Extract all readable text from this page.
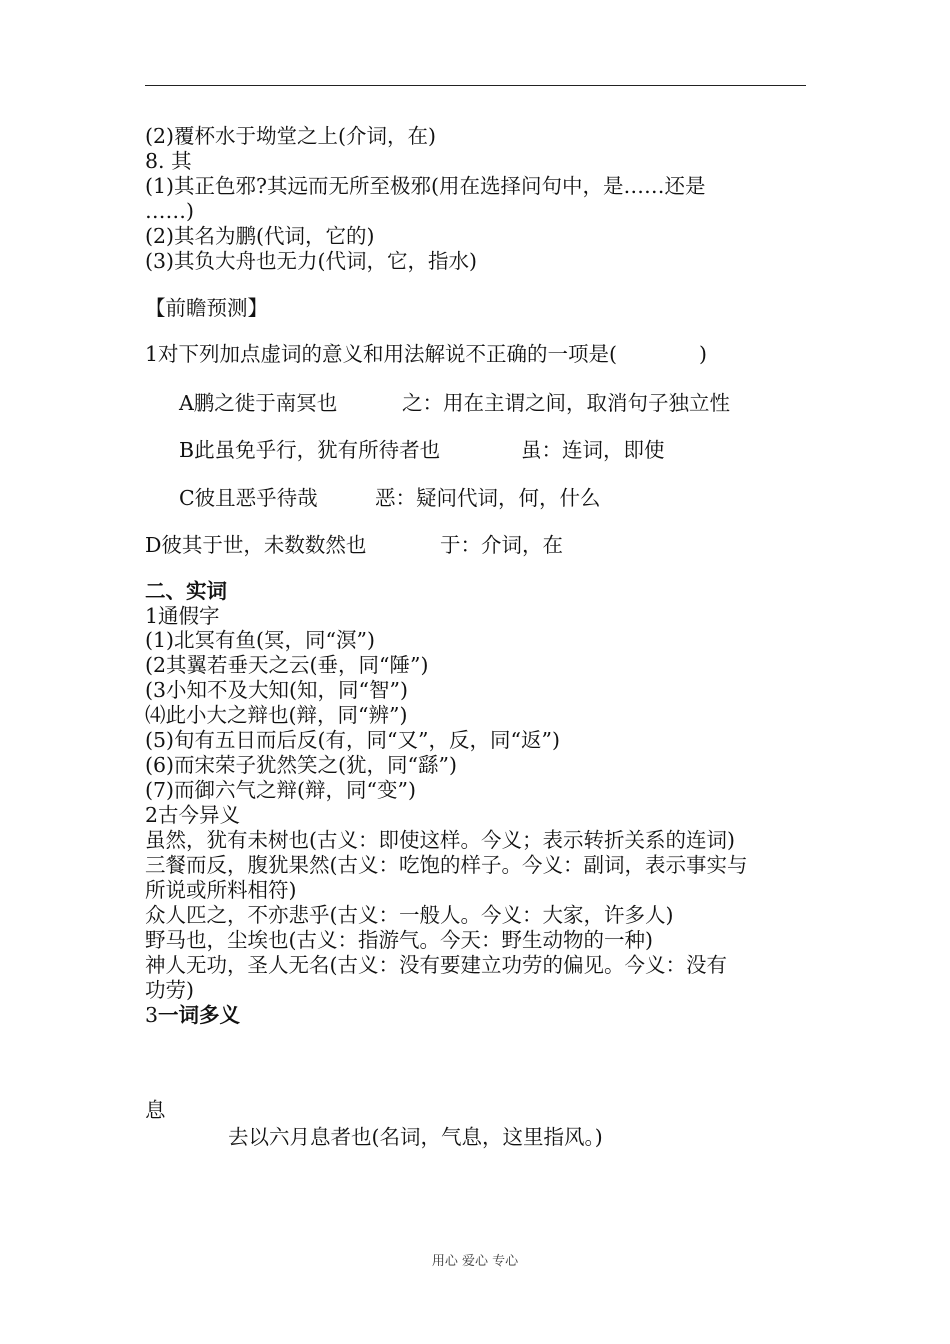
(2)覆杯水于坳堂之上(介词，在)
8. 其
(1)其正色邪?其远而无所至极邪(用在选择问句中，是……还是
……)
(2)其名为鹏(代词，它的)
(3)其负大舟也无力(代词，它，指水)
【前瞻预测】
1对下列加点虚词的意义和用法解说不正确的一项是(　　　　)
A鹏之徙于南冥也	之：用在主谓之间，取消句子独立性
B此虽免乎行，犹有所待者也	虽：连词，即使
C彼且恶乎待哉	恶：疑问代词，何，什么
D彼其于世，未数数然也	于：介词，在
二、实词
1通假字
(1)北冥有鱼(冥，同“溟”)
(2其翼若垂天之云(垂，同“陲”)
(3小知不及大知(知，同“智”)
⑷此小大之辩也(辩，同“辨”)
(5)旬有五日而后反(有，同“又”，反，同“返”)
(6)而宋荣子犹然笑之(犹，同“繇”)
(7)而御六气之辩(辩，同“变”)
2古今异义
虽然，犹有未树也(古义：即使这样。今义；表示转折关系的连词)
三餐而反，腹犹果然(古义：吃饱的样子。今义：副词，表示事实与
所说或所料相符)
众人匹之，不亦悲乎(古义：一般人。今义：大家，许多人)
野马也，尘埃也(古义：指游气。今天：野生动物的一种)
神人无功，圣人无名(古义：没有要建立功劳的偏见。今义：没有
功劳)
3一词多义
息
去以六月息者也(名词，气息，这里指风。)
用心 爱心 专心
